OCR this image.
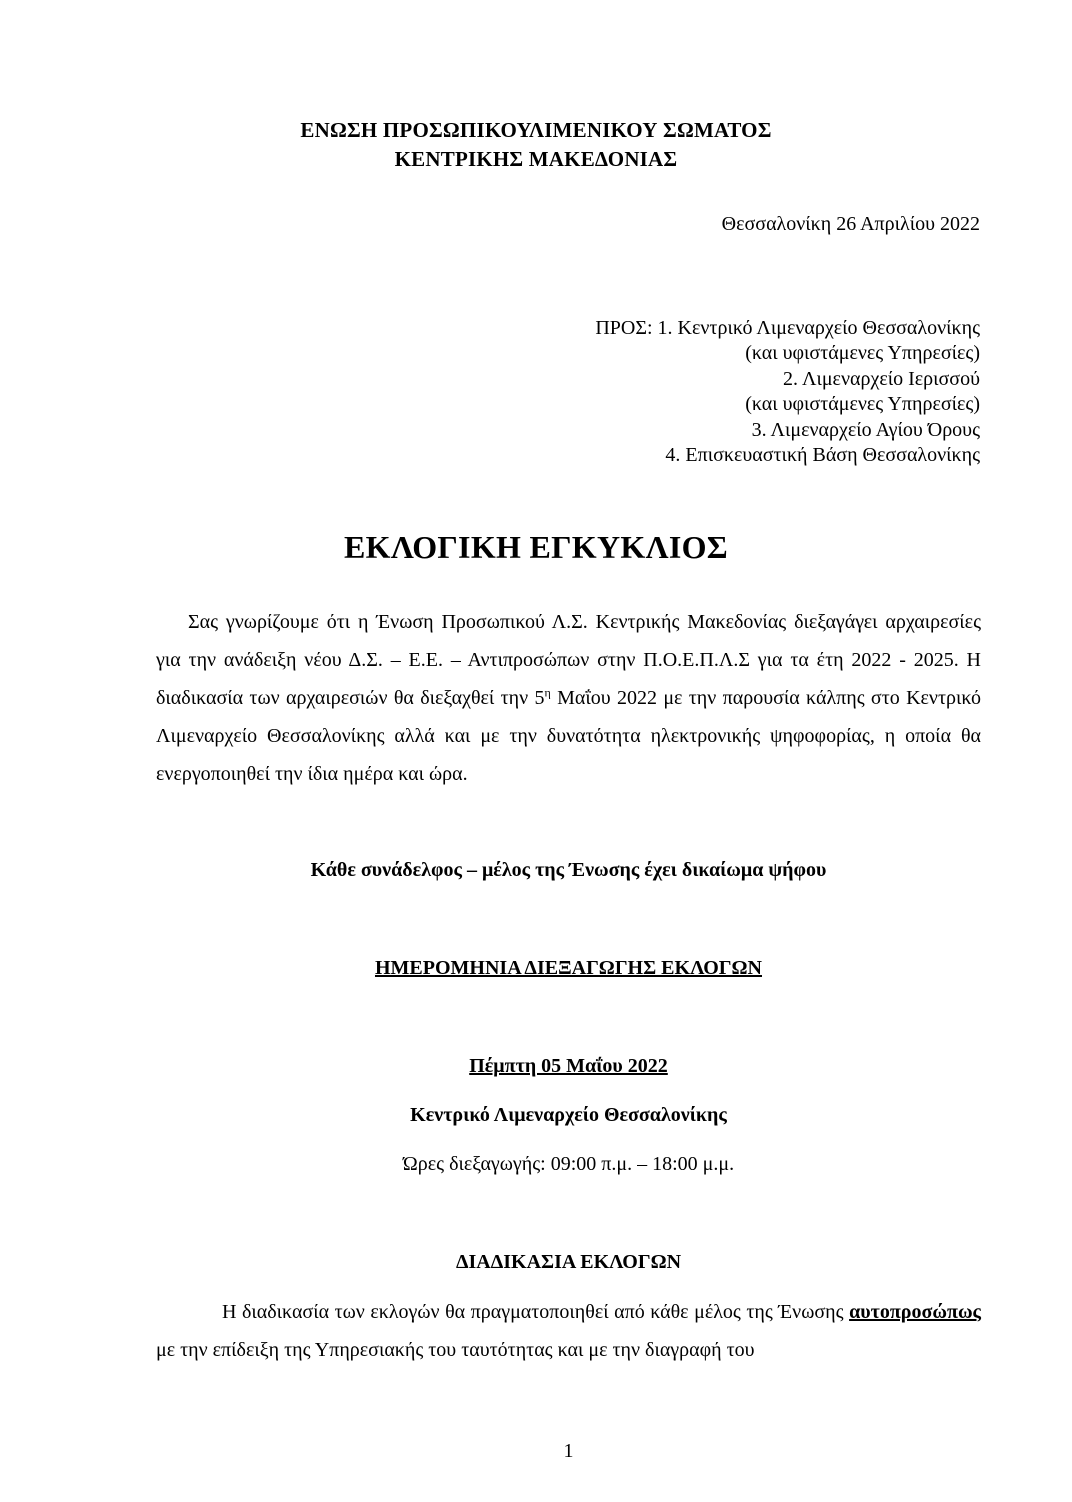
ΕΝΩΣΗ ΠΡΟΣΩΠΙΚΟΥΛΙΜΕΝΙΚΟΥ ΣΩΜΑΤΟΣ
ΚΕΝΤΡΙΚΗΣ ΜΑΚΕΔΟΝΙΑΣ
Θεσσαλονίκη 26 Απριλίου 2022
ΠΡΟΣ: 1. Κεντρικό Λιμεναρχείο Θεσσαλονίκης
(και υφιστάμενες Υπηρεσίες)
2. Λιμεναρχείο Ιερισσού
(και υφιστάμενες Υπηρεσίες)
3. Λιμεναρχείο Αγίου Όρους
4. Επισκευαστική Βάση Θεσσαλονίκης
ΕΚΛΟΓΙΚΗ ΕΓΚΥΚΛΙΟΣ
Σας γνωρίζουμε ότι η Ένωση Προσωπικού Λ.Σ. Κεντρικής Μακεδονίας διεξαγάγει αρχαιρεσίες για την ανάδειξη νέου Δ.Σ. – Ε.Ε. – Αντιπροσώπων στην Π.Ο.Ε.Π.Λ.Σ για τα έτη 2022 - 2025. Η διαδικασία των αρχαιρεσιών θα διεξαχθεί την $5^\eta$ Μαΐου 2022 με την παρουσία κάλπης στο Κεντρικό Λιμεναρχείο Θεσσαλονίκης αλλά και με την δυνατότητα ηλεκτρονικής ψηφοφορίας, η οποία θα ενεργοποιηθεί την ίδια ημέρα και ώρα.
Κάθε συνάδελφος – μέλος της Ένωσης έχει δικαίωμα ψήφου
ΗΜΕΡΟΜΗΝΙΑ ΔΙΕΞΑΓΩΓΗΣ ΕΚΛΟΓΩΝ
Πέμπτη 05 Μαΐου 2022
Κεντρικό Λιμεναρχείο Θεσσαλονίκης
Ώρες διεξαγωγής: 09:00 π.μ. – 18:00 μ.μ.
ΔΙΑΔΙΚΑΣΙΑ ΕΚΛΟΓΩΝ
Η διαδικασία των εκλογών θα πραγματοποιηθεί από κάθε μέλος της Ένωσης αυτοπροσώπως με την επίδειξη της Υπηρεσιακής του ταυτότητας και με την διαγραφή του
1
